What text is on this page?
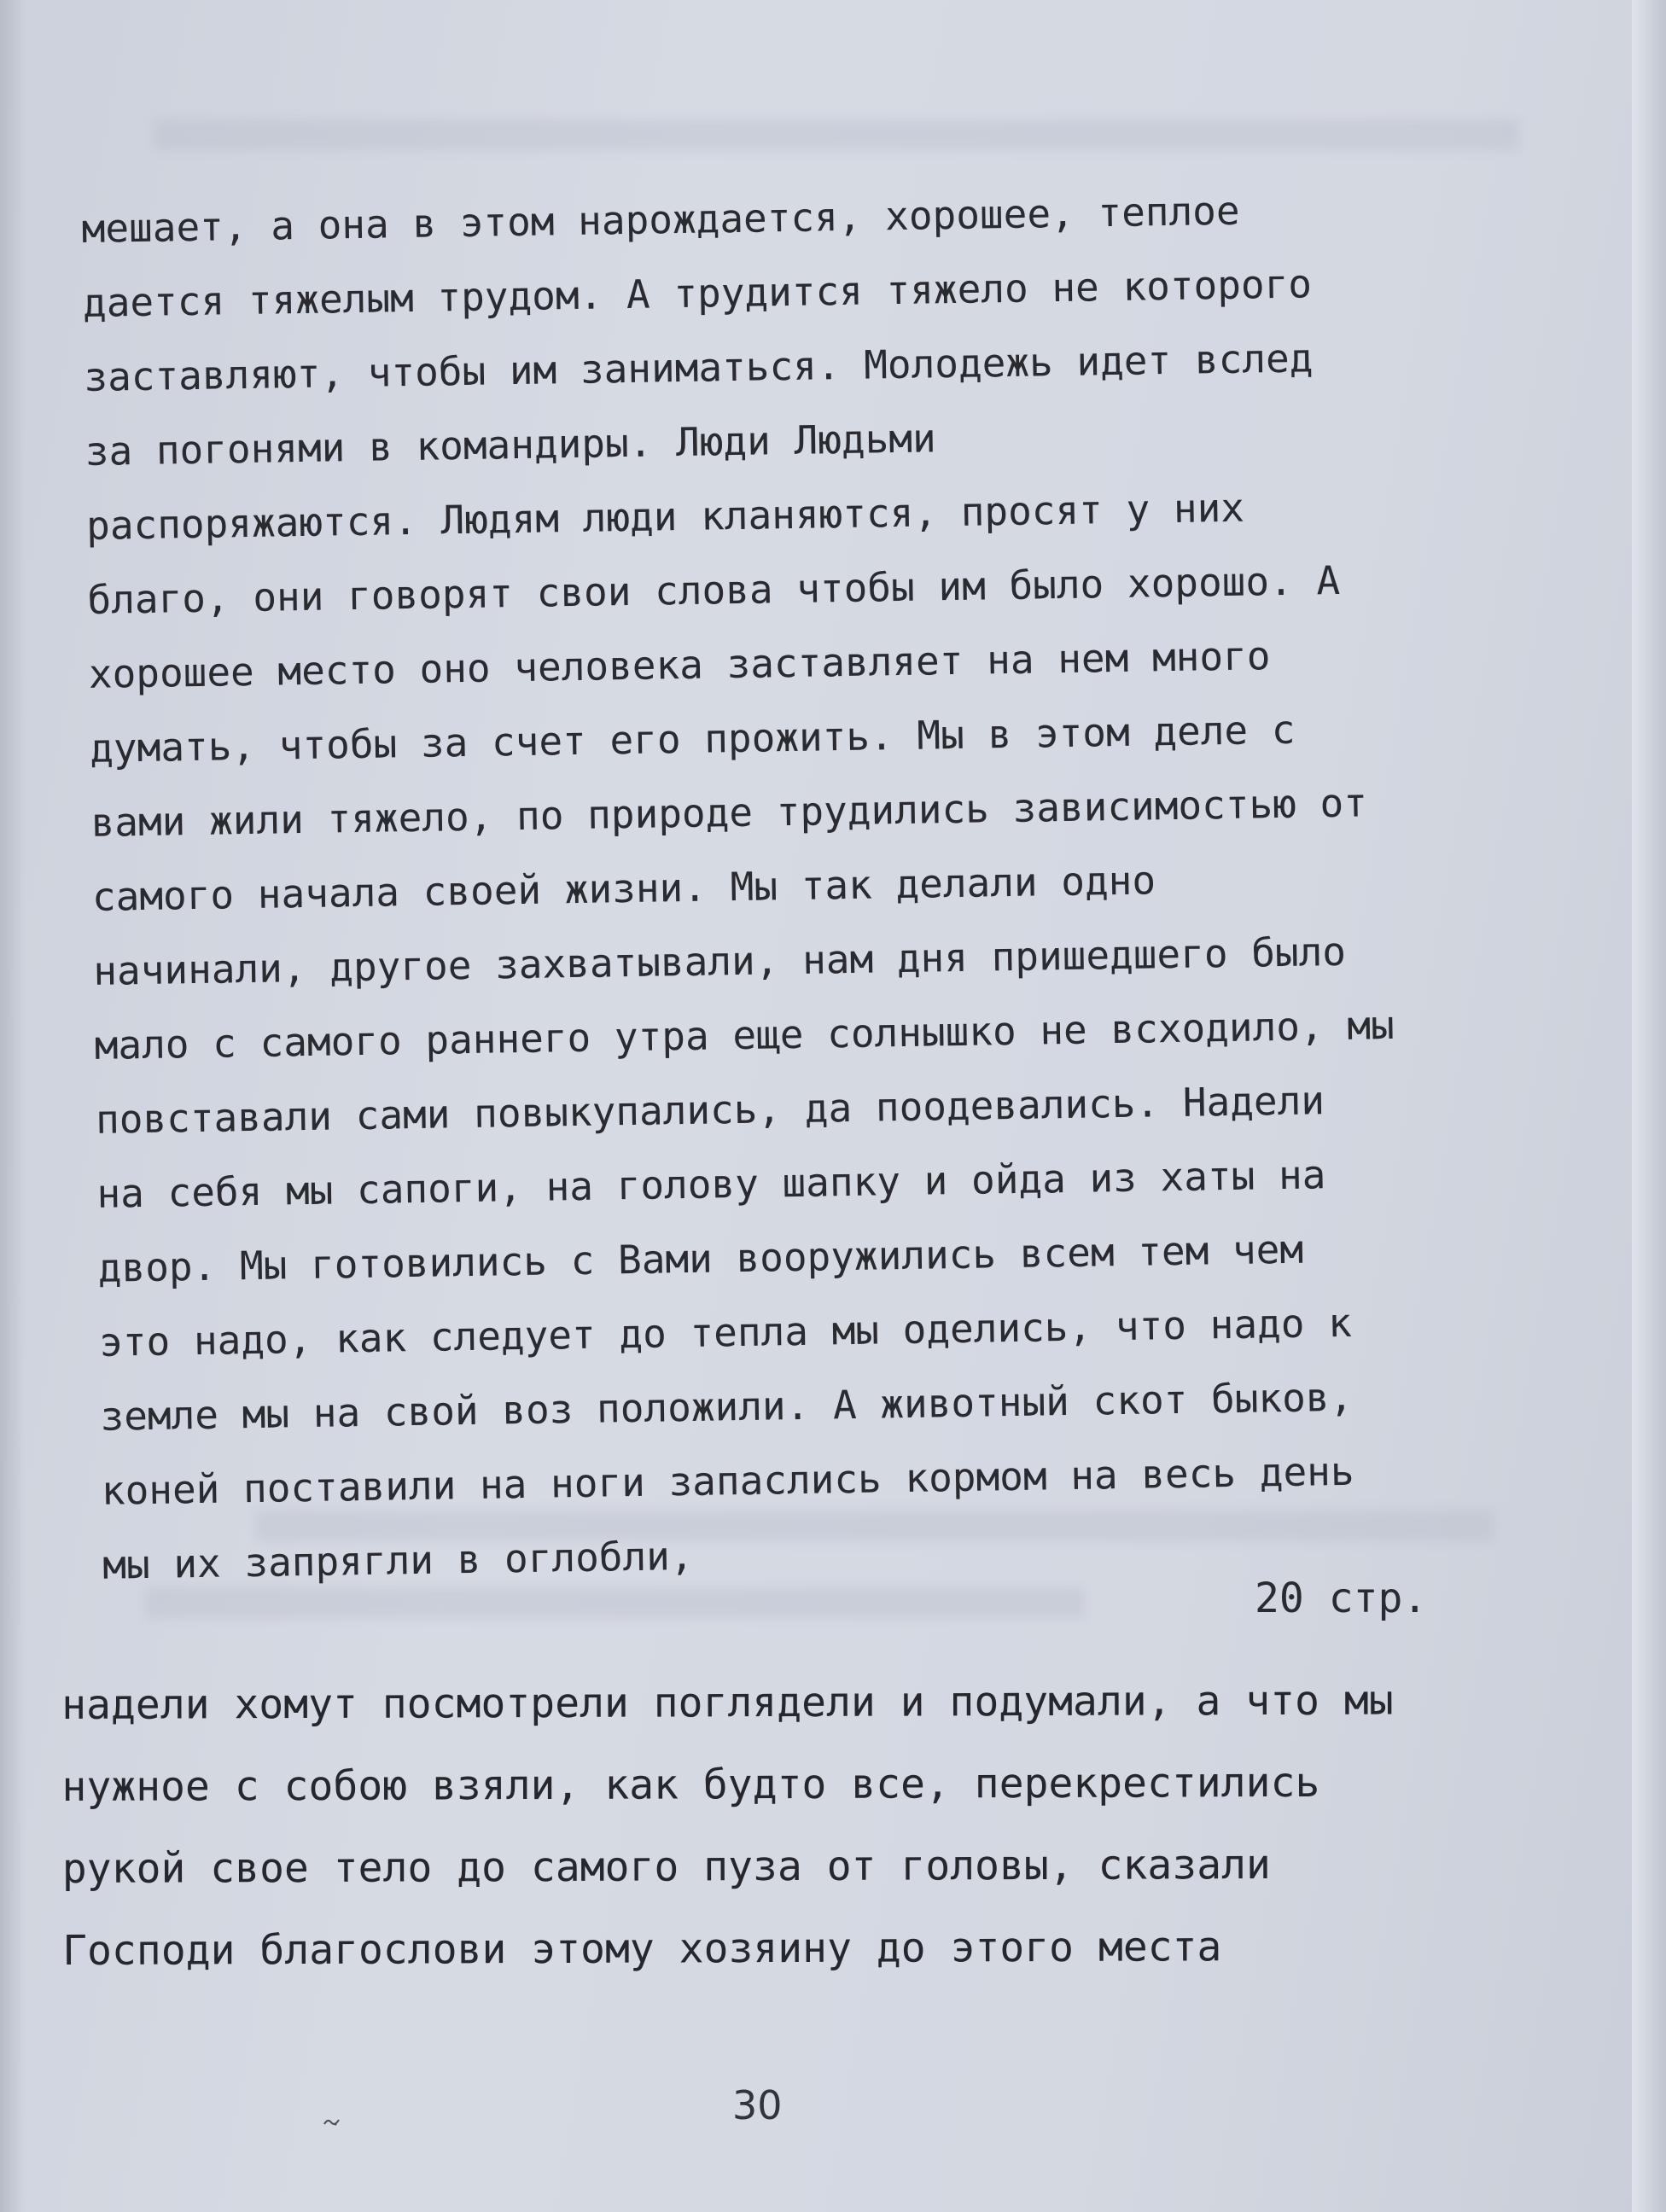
мешает, а она в этом нарождается, хорошее, теплое
дается тяжелым трудом. А трудится тяжело не которого
заставляют, чтобы им заниматься. Молодежь идет вслед
за погонями в командиры. Люди Людьми
распоряжаются. Людям люди кланяются, просят у них
благо, они говорят свои слова чтобы им было хорошо. А
хорошее место оно человека заставляет на нем много
думать, чтобы за счет его прожить. Мы в этом деле с
вами жили тяжело, по природе трудились зависимостью от
самого начала своей жизни. Мы так делали одно
начинали, другое захватывали, нам дня пришедшего было
мало с самого раннего утра еще солнышко не всходило, мы
повставали сами повыкупались, да поодевались. Надели
на себя мы сапоги, на голову шапку и ойда из хаты на
двор. Мы готовились с Вами вооружились всем тем чем
это надо, как следует до тепла мы оделись, что надо к
земле мы на свой воз положили. А животный скот быков,
коней поставили на ноги запаслись кормом на весь день
мы их запрягли в оглобли,
20 стр.
надели хомут посмотрели поглядели и подумали, а что мы
нужное с собою взяли, как будто все, перекрестились
рукой свое тело до самого пуза от головы, сказали
Господи благослови этому хозяину до этого места
30
